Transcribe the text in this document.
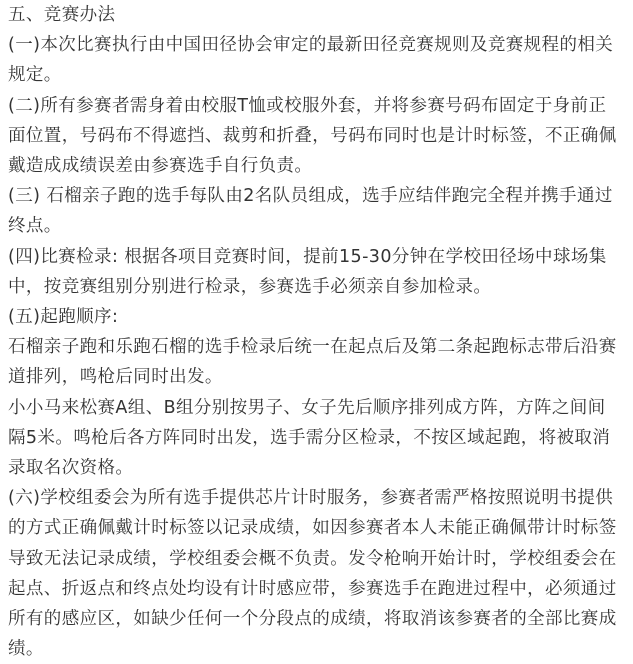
五、竞赛办法

(一)本次比赛执行由中国田径协会审定的最新田径竞赛规则及竞赛规程的相关规定。

(二)所有参赛者需身着由校服T恤或校服外套，并将参赛号码布固定于身前正面位置，号码布不得遮挡、裁剪和折叠，号码布同时也是计时标签，不正确佩戴造成成绩误差由参赛选手自行负责。

(三) 石榴亲子跑的选手每队由2名队员组成，选手应结伴跑完全程并携手通过终点。

(四)比赛检录: 根据各项目竞赛时间，提前15-30分钟在学校田径场中球场集中，按竞赛组别分别进行检录，参赛选手必须亲自参加检录。

(五)起跑顺序:

石榴亲子跑和乐跑石榴的选手检录后统一在起点后及第二条起跑标志带后沿赛道排列，鸣枪后同时出发。

小小马来松赛A组、B组分别按男子、女子先后顺序排列成方阵，方阵之间间隔5米。鸣枪后各方阵同时出发，选手需分区检录，不按区域起跑，将被取消录取名次资格。

(六)学校组委会为所有选手提供芯片计时服务，参赛者需严格按照说明书提供的方式正确佩戴计时标签以记录成绩，如因参赛者本人未能正确佩带计时标签导致无法记录成绩，学校组委会概不负责。发令枪响开始计时，学校组委会在起点、折返点和终点处均设有计时感应带，参赛选手在跑进过程中，必须通过所有的感应区，如缺少任何一个分段点的成绩，将取消该参赛者的全部比赛成绩。
